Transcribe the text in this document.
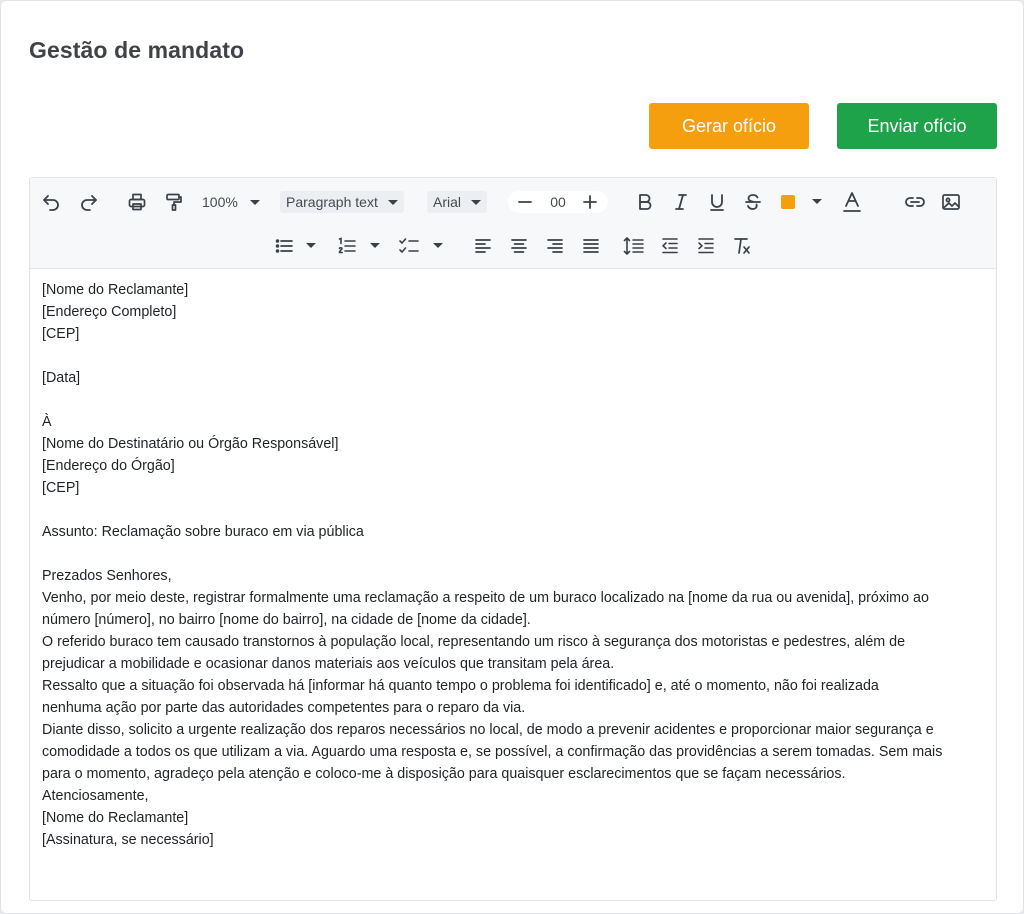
Gestão de mandato
Gerar ofício	Enviar ofício
100%	Paragraph text	Arial	00
[Nome do Reclamante]
[Endereço Completo]
[CEP]
[Data]
À
[Nome do Destinatário ou Órgão Responsável]
[Endereço do Órgão]
[CEP]
Assunto: Reclamação sobre buraco em via pública
Prezados Senhores,
Venho, por meio deste, registrar formalmente uma reclamação a respeito de um buraco localizado na [nome da rua ou avenida], próximo ao
número [número], no bairro [nome do bairro], na cidade de [nome da cidade].
O referido buraco tem causado transtornos à população local, representando um risco à segurança dos motoristas e pedestres, além de
prejudicar a mobilidade e ocasionar danos materiais aos veículos que transitam pela área.
Ressalto que a situação foi observada há [informar há quanto tempo o problema foi identificado] e, até o momento, não foi realizada
nenhuma ação por parte das autoridades competentes para o reparo da via.
Diante disso, solicito a urgente realização dos reparos necessários no local, de modo a prevenir acidentes e proporcionar maior segurança e
comodidade a todos os que utilizam a via. Aguardo uma resposta e, se possível, a confirmação das providências a serem tomadas. Sem mais
para o momento, agradeço pela atenção e coloco-me à disposição para quaisquer esclarecimentos que se façam necessários.
Atenciosamente,
[Nome do Reclamante]
[Assinatura, se necessário]
